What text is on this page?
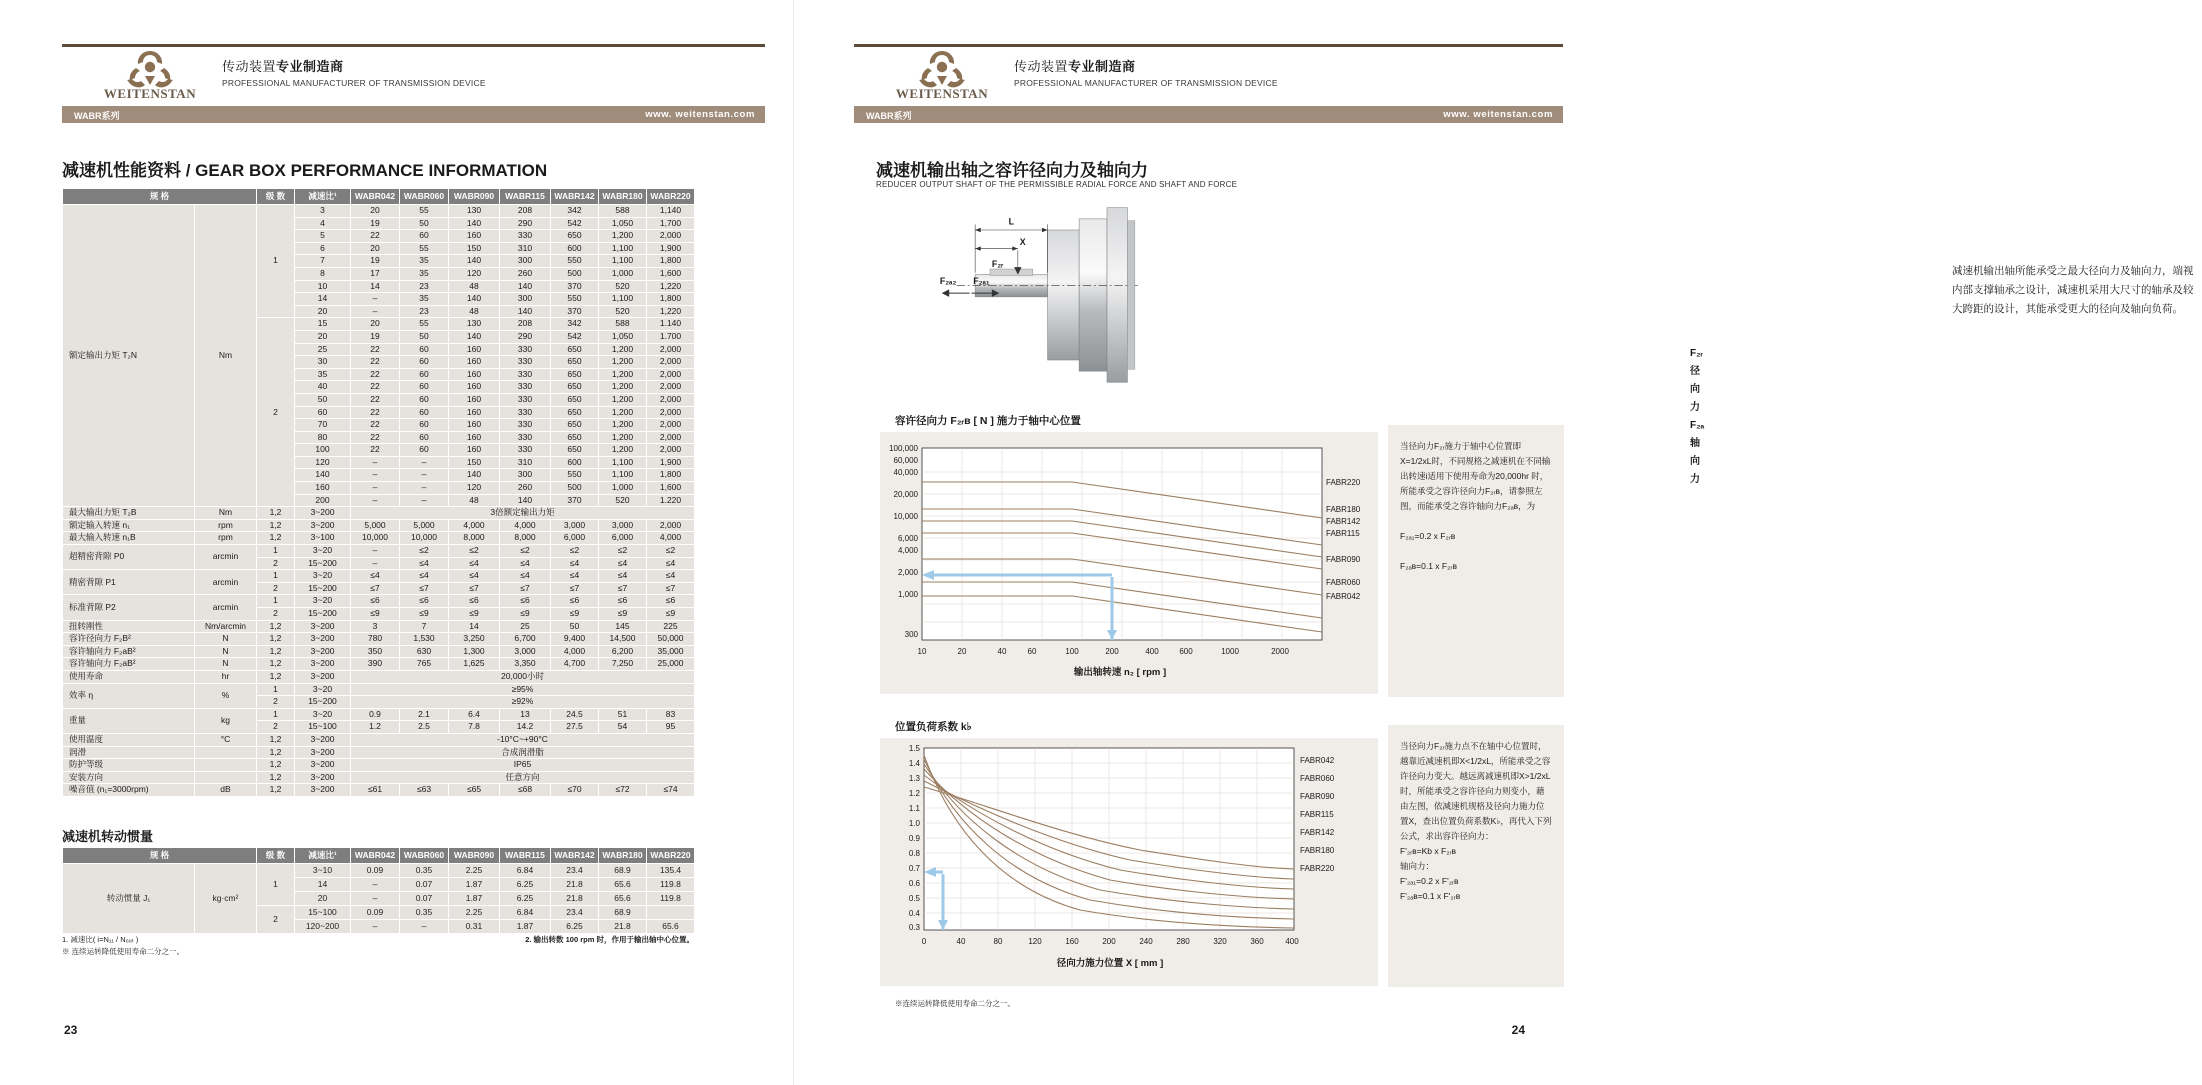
WEITENSTAN
传动装置专业制造商
PROFESSIONAL MANUFACTURER OF TRANSMISSION DEVICE
WABR系列	www. weitenstan.com
减速机性能资料 / GEAR BOX PERFORMANCE INFORMATION
规 格		级 数	减速比¹	WABR042	WABR060	WABR090	WABR115	WABR142	WABR180	WABR220
额定输出力矩 T₂N	Nm	1	3	20	55	130	208	342	588	1,140
			4	19	50	140	290	542	1,050	1,700
			5	22	60	160	330	650	1,200	2,000
			6	20	55	150	310	600	1,100	1,900
			7	19	35	140	300	550	1,100	1,800
			8	17	35	120	260	500	1,000	1,600
			10	14	23	48	140	370	520	1,220
			14	–	35	140	300	550	1,100	1,800
			20	–	23	48	140	370	520	1,220
		2	15	20	55	130	208	342	588	1.140
			20	19	50	140	290	542	1,050	1.700
			25	22	60	160	330	650	1,200	2,000
			30	22	60	160	330	650	1,200	2,000
			35	22	60	160	330	650	1,200	2,000
			40	22	60	160	330	650	1,200	2,000
			50	22	60	160	330	650	1,200	2,000
			60	22	60	160	330	650	1,200	2,000
			70	22	60	160	330	650	1,200	2,000
			80	22	60	160	330	650	1,200	2,000
			100	22	60	160	330	650	1,200	2,000
			120	–	–	150	310	600	1,100	1,900
			140	–	–	140	300	550	1,100	1,800
			160	–	–	120	260	500	1,000	1,600
			200	–	–	48	140	370	520	1.220
最大输出力矩 T₂B	Nm	1,2	3~200	3倍额定输出力矩						
额定输入转速 n₁	rpm	1,2	3~200	5,000	5,000	4,000	4,000	3,000	3,000	2,000
最大输入转速 n₁B	rpm	1,2	3~100	10,000	10,000	8,000	8,000	6,000	6,000	4,000
超精密背隙 P0	arcmin	1	3~20	–	≤2	≤2	≤2	≤2	≤2	≤2
		2	15~200	–	≤4	≤4	≤4	≤4	≤4	≤4
精密背隙 P1	arcmin	1	3~20	≤4	≤4	≤4	≤4	≤4	≤4	≤4
		2	15~200	≤7	≤7	≤7	≤7	≤7	≤7	≤7
标准背隙 P2	arcmin	1	3~20	≤6	≤6	≤6	≤6	≤6	≤6	≤6
		2	15~200	≤9	≤9	≤9	≤9	≤9	≤9	≤9
扭转刚性	Nm/arcmin	1,2	3~200	3	7	14	25	50	145	225
容许径向力 F₂B²	N	1,2	3~200	780	1,530	3,250	6,700	9,400	14,500	50,000
容许轴向力 F₂aB²	N	1,2	3~200	350	630	1,300	3,000	4,000	6,200	35,000
容许轴向力 F₂aB²	N	1,2	3~200	390	765	1,625	3,350	4,700	7,250	25,000
使用寿命	hr	1,2	3~200	20,000小时						
效率 η	%	1	3~20	≥95%						
		2	15~200	≥92%						
重量	kg	1	3~20	0.9	2.1	6.4	13	24.5	51	83
		2	15~100	1.2	2.5	7.8	14.2	27.5	54	95
使用温度	°C	1,2	3~200	-10°C~+90°C						
润滑		1,2	3~200	合成润滑脂						
防护等级		1,2	3~200	IP65						
安装方向		1,2	3~200	任意方向						
噪音值 (n₁=3000rpm)	dB	1,2	3~200	≤61	≤63	≤65	≤68	≤70	≤72	≤74
减速机转动惯量
规 格		级 数	减速比¹	WABR042	WABR060	WABR090	WABR115	WABR142	WABR180	WABR220
转动惯量 J₁	kg·cm²	1	3~10	0.09	0.35	2.25	6.84	23.4	68.9	135.4
			14	–	0.07	1.87	6.25	21.8	65.6	119.8
			20	–	0.07	1.87	6.25	21.8	65.6	119.8
		2	15~100	0.09	0.35	2.25	6.84	23.4	68.9	
			120~200	–	–	0.31	1.87	6.25	21.8	65.6
1. 减速比( i=N₁₁ / N₀ᵤₜ )	2. 输出转数 100 rpm 时，作用于输出轴中心位置。
※ 连续运转降低使用寿命二分之一。
23
WEITENSTAN
传动装置专业制造商
PROFESSIONAL MANUFACTURER OF TRANSMISSION DEVICE
WABR系列	www. weitenstan.com
减速机输出轴之容许径向力及轴向力
REDUCER OUTPUT SHAFT OF THE PERMISSIBLE RADIAL FORCE AND SHAFT AND FORCE
L
X
F₂ᵣ
F₂ₐ₂ F₂ₐ₁
减速机输出轴所能承受之最大径向力及轴向力，端视内部支撑轴承之设计，减速机采用大尺寸的轴承及较大跨距的设计，其能承受更大的径向及轴向负荷。
F₂ᵣ 径向力
F₂ₐ 轴向力
容许径向力 F₂ᵣв [ N ] 施力于轴中心位置
100,000
60,000
40,000
20,000
10,000
6,000
4,000
2,000
1,000
300
10	20	40	60	100	200	400	600	1000	2000
FABR220
FABR180
FABR142
FABR115
FABR090
FABR060
FABR042
输出轴转速 n₂ [ rpm ]
当径向力F₂ᵣ施力于轴中心位置即X=1/2xL时，不同规格之减速机在不同输出转速i适用下使用寿命为20,000hr 时，所能承受之容许径向力F₂ᵣв，请参照左图，而能承受之容许轴向力F₂ₐв，为

F₂ₐ₁=0.2 x F₂ᵣв

F₂ₐв=0.1 x F₂ᵣв
位置负荷系数 k♭
1.5
1.4
1.3
1.2
1.1
1.0
0.9
0.8
0.7
0.6
0.5
0.4
0.3
0	40	80	120	160	200	240	280	320	360	400
FABR042
FABR060
FABR090
FABR115
FABR142
FABR180
FABR220
径向力施力位置 X [ mm ]
当径向力F₂ᵣ施力点不在轴中心位置时，越靠近减速机即X<1/2xL，所能承受之容许径向力变大。越远离减速机即X>1/2xL时，所能承受之容许径向力则变小，藉由左图，依减速机规格及径向力施力位置X，查出位置负荷系数K♭，再代入下列公式，求出容许径向力：
F'₂ᵣв=Kb x F₂ᵣв
轴向力：
F'₂ₐ₁=0.2 x F'₂ᵣв
F'₂ₐв=0.1 x F'₂ᵣв
※连续运转降低使用寿命二分之一。
24
